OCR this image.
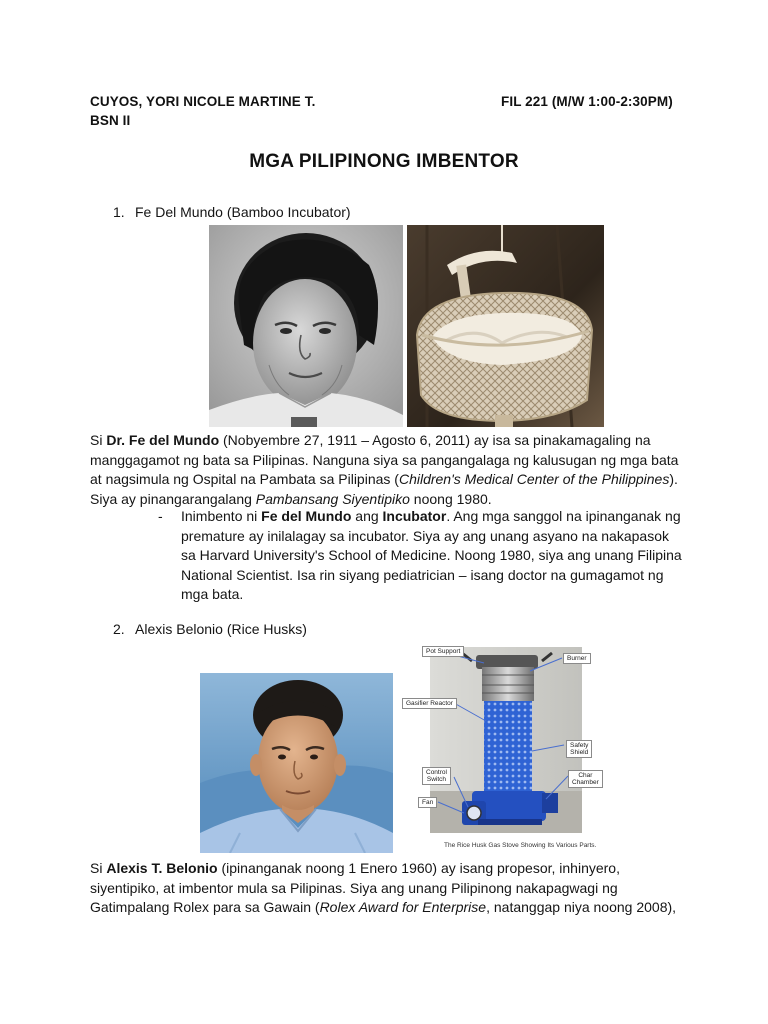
CUYOS, YORI NICOLE MARTINE T.	FIL 221 (M/W 1:00-2:30PM)
BSN II
MGA PILIPINONG IMBENTOR
1. Fe Del Mundo (Bamboo Incubator)
Si Dr. Fe del Mundo (Nobyembre 27, 1911 – Agosto 6, 2011) ay isa sa pinakamagaling na
manggagamot ng bata sa Pilipinas. Nanguna siya sa pangangalaga ng kalusugan ng mga bata
at nagsimula ng Ospital na Pambata sa Pilipinas (Children's Medical Center of the Philippines).
Siya ay pinangarangalang Pambansang Siyentipiko noong 1980.
- Inimbento ni Fe del Mundo ang Incubator. Ang mga sanggol na ipinanganak ng
premature ay inilalagay sa incubator. Siya ay ang unang asyano na nakapasok
sa Harvard University's School of Medicine. Noong 1980, siya ang unang Filipina
National Scientist. Isa rin siyang pediatrician – isang doctor na gumagamot ng
mga bata.
2. Alexis Belonio (Rice Husks)
Pot Support
Burner
Gasifier Reactor
Safety
Shield
Control
Switch
Char
Chamber
Fan
The Rice Husk Gas Stove Showing Its Various Parts.
Si Alexis T. Belonio (ipinanganak noong 1 Enero 1960) ay isang propesor, inhinyero,
siyentipiko, at imbentor mula sa Pilipinas. Siya ang unang Pilipinong nakapagwagi ng
Gatimpalang Rolex para sa Gawain (Rolex Award for Enterprise, natanggap niya noong 2008),
